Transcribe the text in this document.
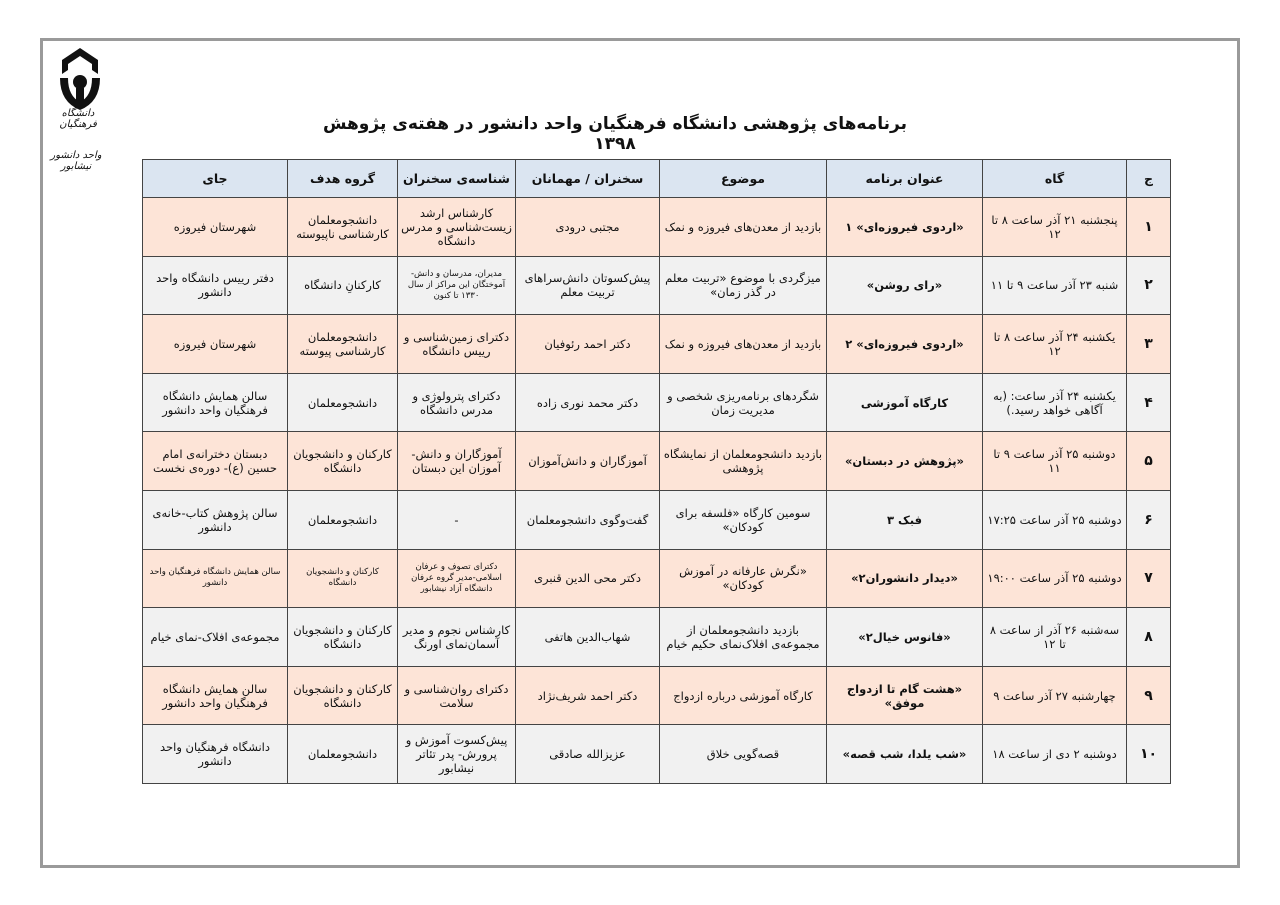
دانشگاه فرهنگیان
واحد دانشور نیشابور
برنامه‌های پژوهشی دانشگاه فرهنگیان واحد دانشور در هفته‌ی پژوهش ۱۳۹۸
ج	گاه	عنوان برنامه	موضوع	سخنران / مهمانان	شناسه‌ی سخنران	گروه هدف	جای
۱	پنجشنبه ۲۱ آذر ساعت ۸ تا ۱۲	«اردوی فیروزه‌ای» ۱	بازدید از معدن‌های فیروزه و نمک	مجتبی درودی	کارشناس ارشد زیست‌شناسی و مدرس دانشگاه	دانشجومعلمان کارشناسی ناپیوسته	شهرستان فیروزه
۲	شنبه ۲۳ آذر ساعت ۹ تا ۱۱	«رای روشن»	میزگردی با موضوع «تربیت معلم در گذر زمان»	پیش‌کسوتان دانش‌سرا‌های تربیت معلم	مدیران، مدرسان و دانش-آموختگان این مراکز از سال ۱۳۳۰ تا کنون	کارکنانِ دانشگاه	دفتر رییس دانشگاه واحد دانشور
۳	یکشنبه ۲۴ آذر ساعت ۸ تا ۱۲	«اردوی فیروزه‌ای» ۲	بازدید از معدن‌های فیروزه و نمک	دکتر احمد رئوفیان	دکترای زمین‌شناسی و رییس دانشگاه	دانشجومعلمان کارشناسی پیوسته	شهرستان فیروزه
۴	یکشنبه ۲۴ آذر ساعت: (به آگاهی خواهد رسید.)	کارگاه آموزشی	شگردهای برنامه‌ریزی شخصی و مدیریت زمان	دکتر محمد نوری زاده	دکترای پترولوژی و مدرس دانشگاه	دانشجومعلمان	سالن همایش دانشگاه فرهنگیان واحد دانشور
۵	دوشنبه ۲۵ آذر ساعت ۹ تا ۱۱	«پژوهش در دبستان»	بازدید دانشجومعلمان از نمایشگاه پژوهشی	آموزگاران و دانش‌آموزان	آموزگاران و دانش-آموزان این دبستان	کارکنان و دانشجویان دانشگاه	دبستان دخترانه‌ی امام حسین (ع)- دوره‌ی نخست
۶	دوشنبه ۲۵ آذر ساعت ۱۷:۲۵	فبک ۳	سومین کارگاه «فلسفه برای کودکان»	گفت‌وگوی دانشجومعلمان	-	دانشجومعلمان	سالن پژوهش کتاب-خانه‌ی دانشور
۷	دوشنبه ۲۵ آذر ساعت ۱۹:۰۰	«دیدار دانشوران۲»	«نگرش عارفانه در آموزش کودکان»	دکتر محی الدین قنبری	دکترای تصوف و عرفان اسلامی-مدیر گروه عرفان دانشگاه آزاد نیشابور	کارکنان و دانشجویان دانشگاه	سالن همایش دانشگاه فرهنگیان واحد دانشور
۸	سه‌شنبه ۲۶ آذر از ساعت ۸ تا ۱۲	«فانوس خیال۲»	بازدید دانشجومعلمان از مجموعه‌ی افلاک‌نمای حکیم خیام	شهاب‌الدین هاتفی	کارشناس نجوم و مدیر آسمان‌نمای اورنگ	کارکنان و دانشجویان دانشگاه	مجموعه‌ی افلاک-نمای خیام
۹	چهارشنبه ۲۷ آذر ساعت ۹	«هشت گام تا ازدواج موفق»	کارگاه آموزشی درباره ازدواج	دکتر احمد شریف‌نژاد	دکترای روان‌شناسی و سلامت	کارکنان و دانشجویان دانشگاه	سالن همایش دانشگاه فرهنگیان واحد دانشور
۱۰	دوشنبه ۲ دی از ساعت ۱۸	«شب یلدا، شب قصه»	قصه‌گویی خلاق	عزیزالله صادقی	پیش‌کسوت آموزش و پرورش- پدر تئاتر نیشابور	دانشجومعلمان	دانشگاه فرهنگیان واحد دانشور
